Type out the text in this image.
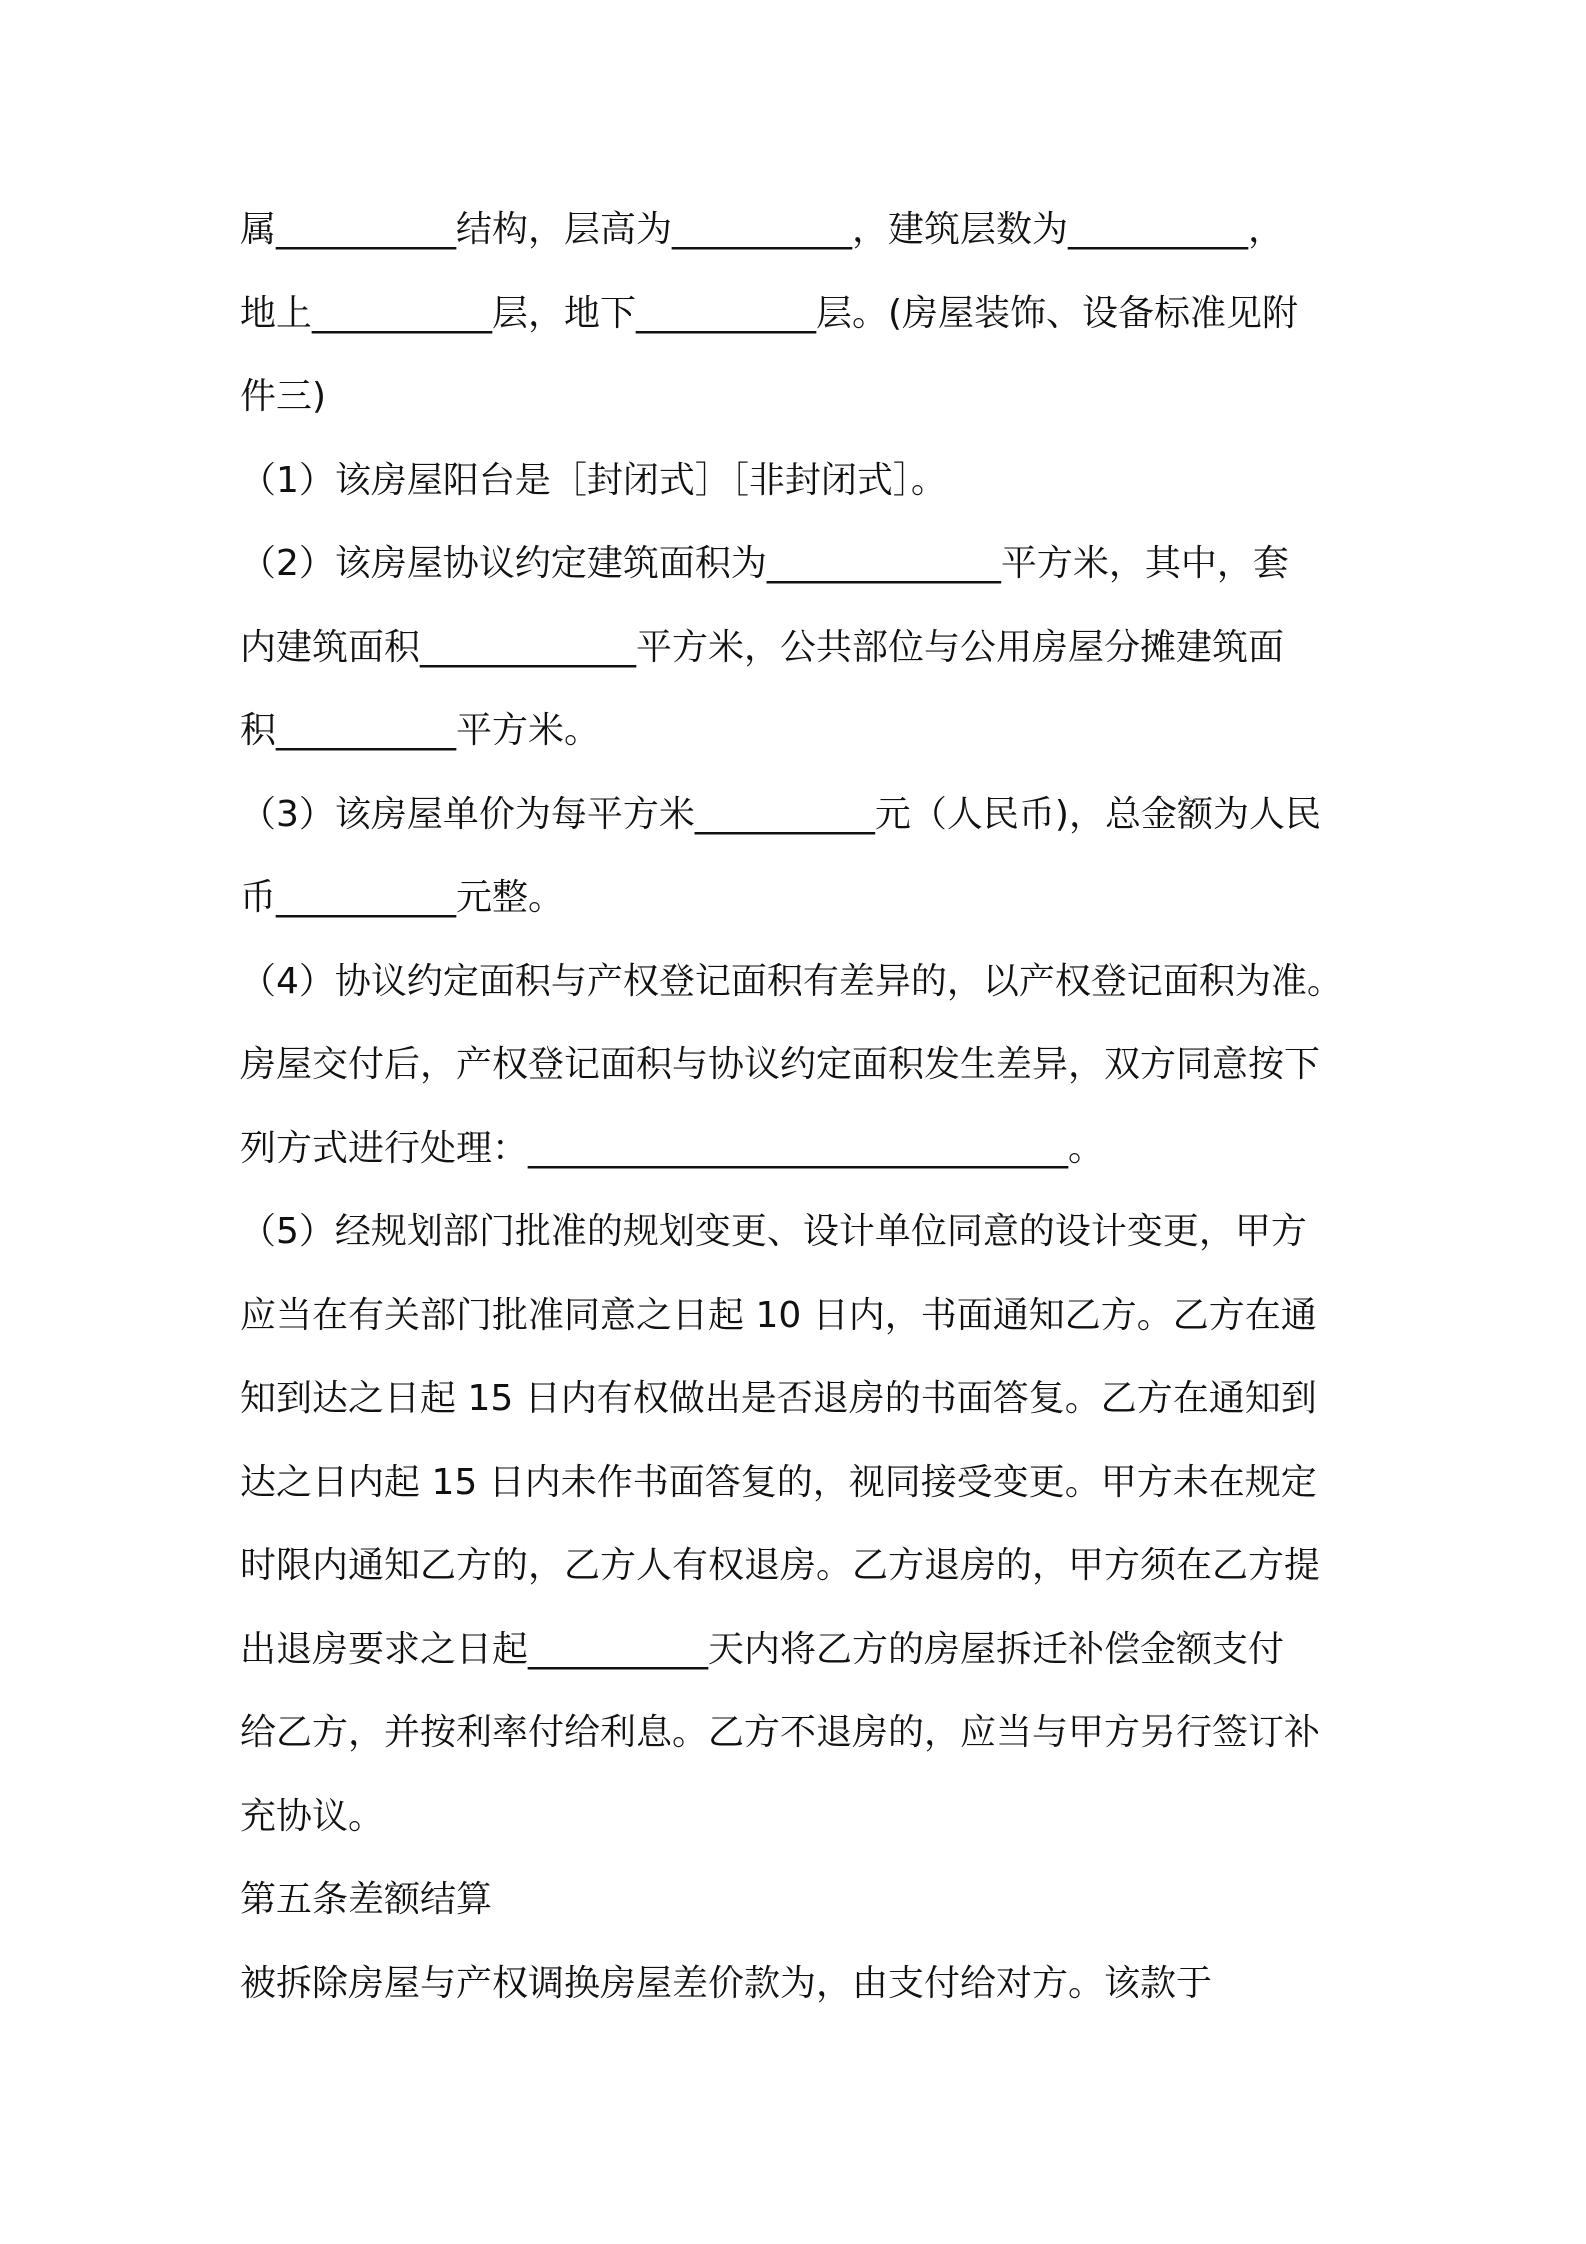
属__________结构，层高为__________，建筑层数为__________，
地上__________层，地下__________层。(房屋装饰、设备标准见附
件三)
（1）该房屋阳台是［封闭式］［非封闭式］。
（2）该房屋协议约定建筑面积为_____________平方米，其中，套
内建筑面积____________平方米，公共部位与公用房屋分摊建筑面
积__________平方米。
（3）该房屋单价为每平方米__________元（人民币)，总金额为人民
币__________元整。
（4）协议约定面积与产权登记面积有差异的，以产权登记面积为准。
房屋交付后，产权登记面积与协议约定面积发生差异，双方同意按下
列方式进行处理：______________________________。
（5）经规划部门批准的规划变更、设计单位同意的设计变更，甲方
应当在有关部门批准同意之日起 10 日内，书面通知乙方。乙方在通
知到达之日起 15 日内有权做出是否退房的书面答复。乙方在通知到
达之日内起 15 日内未作书面答复的，视同接受变更。甲方未在规定
时限内通知乙方的，乙方人有权退房。乙方退房的，甲方须在乙方提
出退房要求之日起__________天内将乙方的房屋拆迁补偿金额支付
给乙方，并按利率付给利息。乙方不退房的，应当与甲方另行签订补
充协议。
第五条差额结算
被拆除房屋与产权调换房屋差价款为，由支付给对方。该款于
